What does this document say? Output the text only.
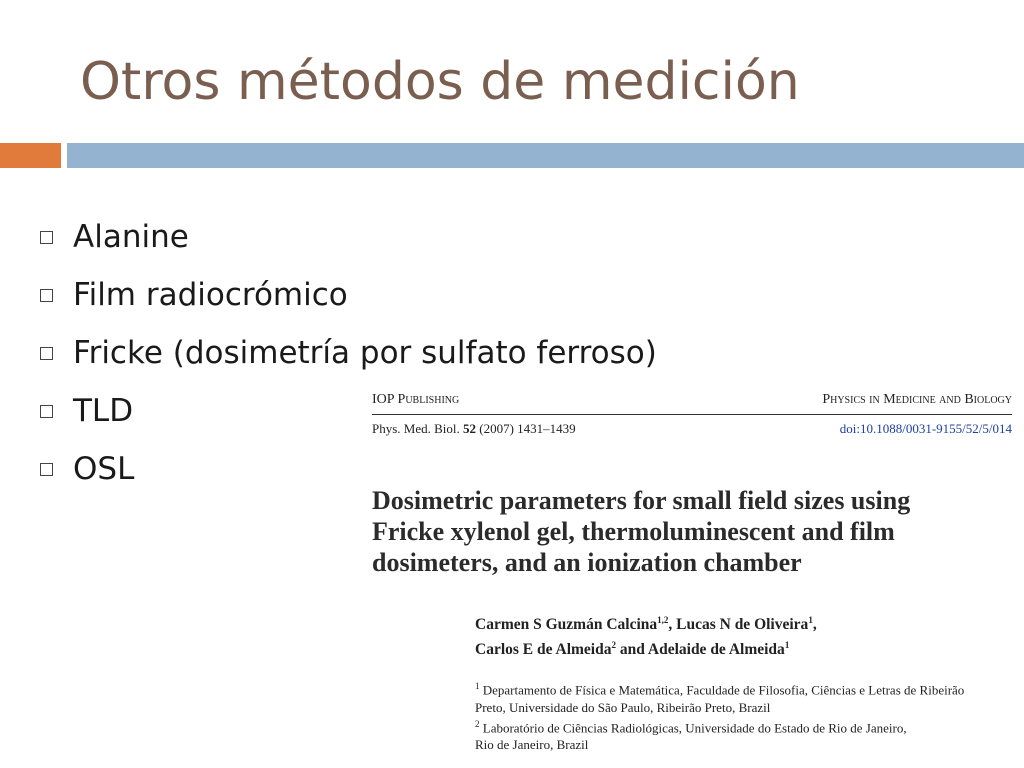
Otros métodos de medición
Alanine
Film radiocrómico
Fricke (dosimetría por sulfato ferroso)
TLD
OSL
IOP Publishing	Physics in Medicine and Biology
Phys. Med. Biol. 52 (2007) 1431–1439	doi:10.1088/0031-9155/52/5/014
Dosimetric parameters for small field sizes using
Fricke xylenol gel, thermoluminescent and film
dosimeters, and an ionization chamber
Carmen S Guzmán Calcina$^{1,2}$, Lucas N de Oliveira$^1$,
Carlos E de Almeida$^2$ and Adelaide de Almeida$^1$
$^1$ Departamento de Física e Matemática, Faculdade de Filosofia, Ciências e Letras de Ribeirão
Preto, Universidade do São Paulo, Ribeirão Preto, Brazil
$^2$ Laboratório de Ciências Radiológicas, Universidade do Estado de Rio de Janeiro,
Rio de Janeiro, Brazil
